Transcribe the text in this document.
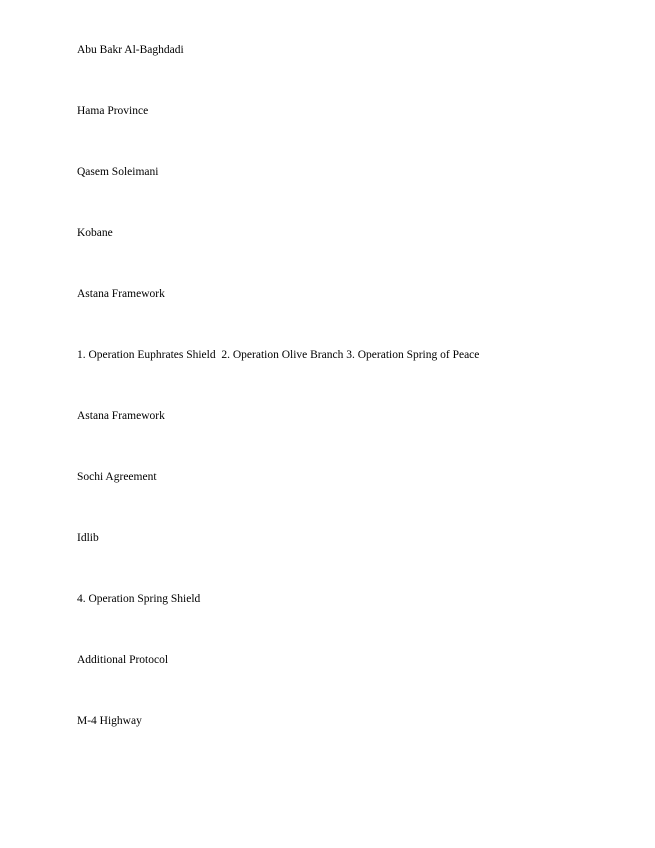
Abu Bakr Al-Baghdadi
Hama Province
Qasem Soleimani
Kobane
Astana Framework
1. Operation Euphrates Shield  2. Operation Olive Branch 3. Operation Spring of Peace
Astana Framework
Sochi Agreement
Idlib
4. Operation Spring Shield
Additional Protocol
M-4 Highway
